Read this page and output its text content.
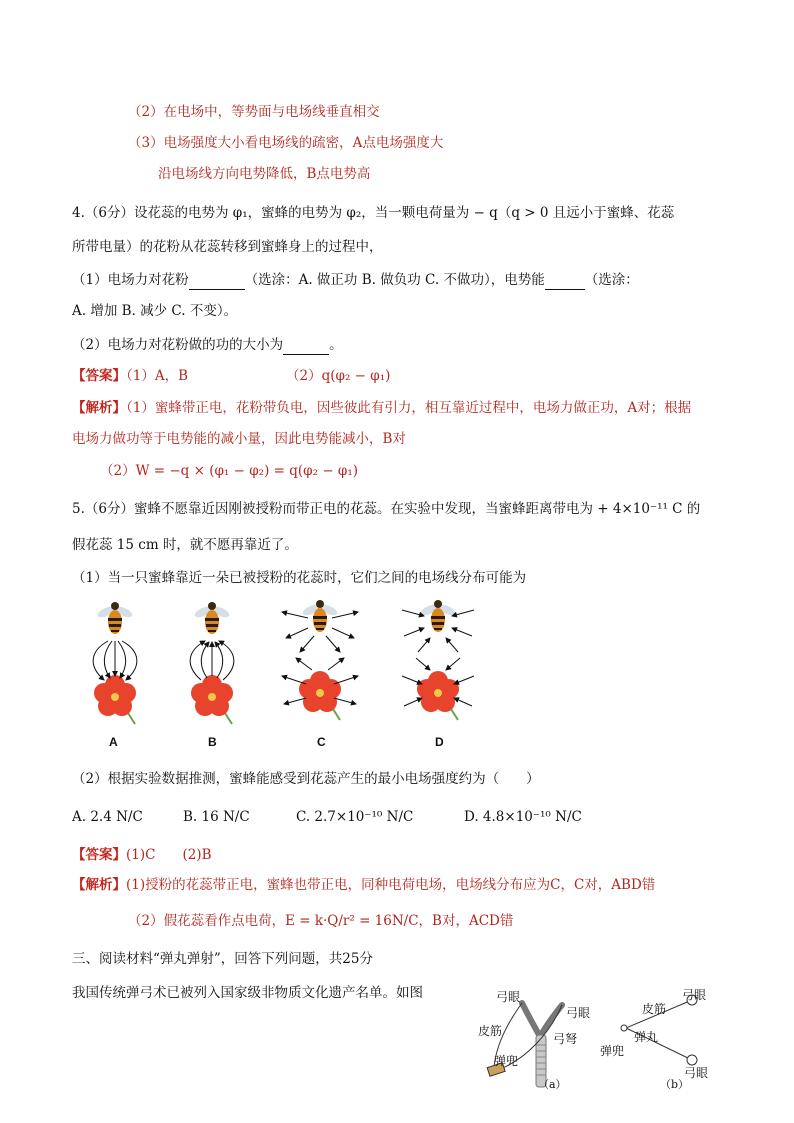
（2）在电场中，等势面与电场线垂直相交
（3）电场强度大小看电场线的疏密，A点电场强度大
沿电场线方向电势降低，B点电势高
4.（6分）设花蕊的电势为 φ₁，蜜蜂的电势为 φ₂，当一颗电荷量为 − q（q > 0 且远小于蜜蜂、花蕊
所带电量）的花粉从花蕊转移到蜜蜂身上的过程中，
（1）电场力对花粉	（选涂：A. 做正功 B. 做负功 C. 不做功），电势能	（选涂：
A. 增加 B. 减少 C. 不变）。
（2）电场力对花粉做的功的大小为	。
【答案】（1）A，B	（2）q(φ₂ − φ₁)
【解析】（1）蜜蜂带正电，花粉带负电，因些彼此有引力，相互靠近过程中，电场力做正功，A对；根据
电场力做功等于电势能的减小量，因此电势能减小，B对
（2）W = −q × (φ₁ − φ₂) = q(φ₂ − φ₁)
5.（6分）蜜蜂不愿靠近因刚被授粉而带正电的花蕊。在实验中发现，当蜜蜂距离带电为 + 4×10⁻¹¹ C 的
假花蕊 15 cm 时，就不愿再靠近了。
（1）当一只蜜蜂靠近一朵已被授粉的花蕊时，它们之间的电场线分布可能为
A	B	C	D
（2）根据实验数据推测，蜜蜂能感受到花蕊产生的最小电场强度约为（　　）
A. 2.4 N/C	B. 16 N/C	C. 2.7×10⁻¹⁰ N/C	D. 4.8×10⁻¹⁰ N/C
【答案】(1)C　　(2)B
【解析】(1)授粉的花蕊带正电，蜜蜂也带正电，同种电荷电场，电场线分布应为C，C对，ABD错
（2）假花蕊看作点电荷，E = k·Q/r² = 16N/C，B对，ACD错
三、阅读材料“弹丸弹射”，回答下列问题，共25分
我国传统弹弓术已被列入国家级非物质文化遗产名单。如图	弓眼
弓眼
皮筋
弓弩
弹兜
（a）
皮筋
弓眼
弹丸
弹兜
弓眼
（b）
